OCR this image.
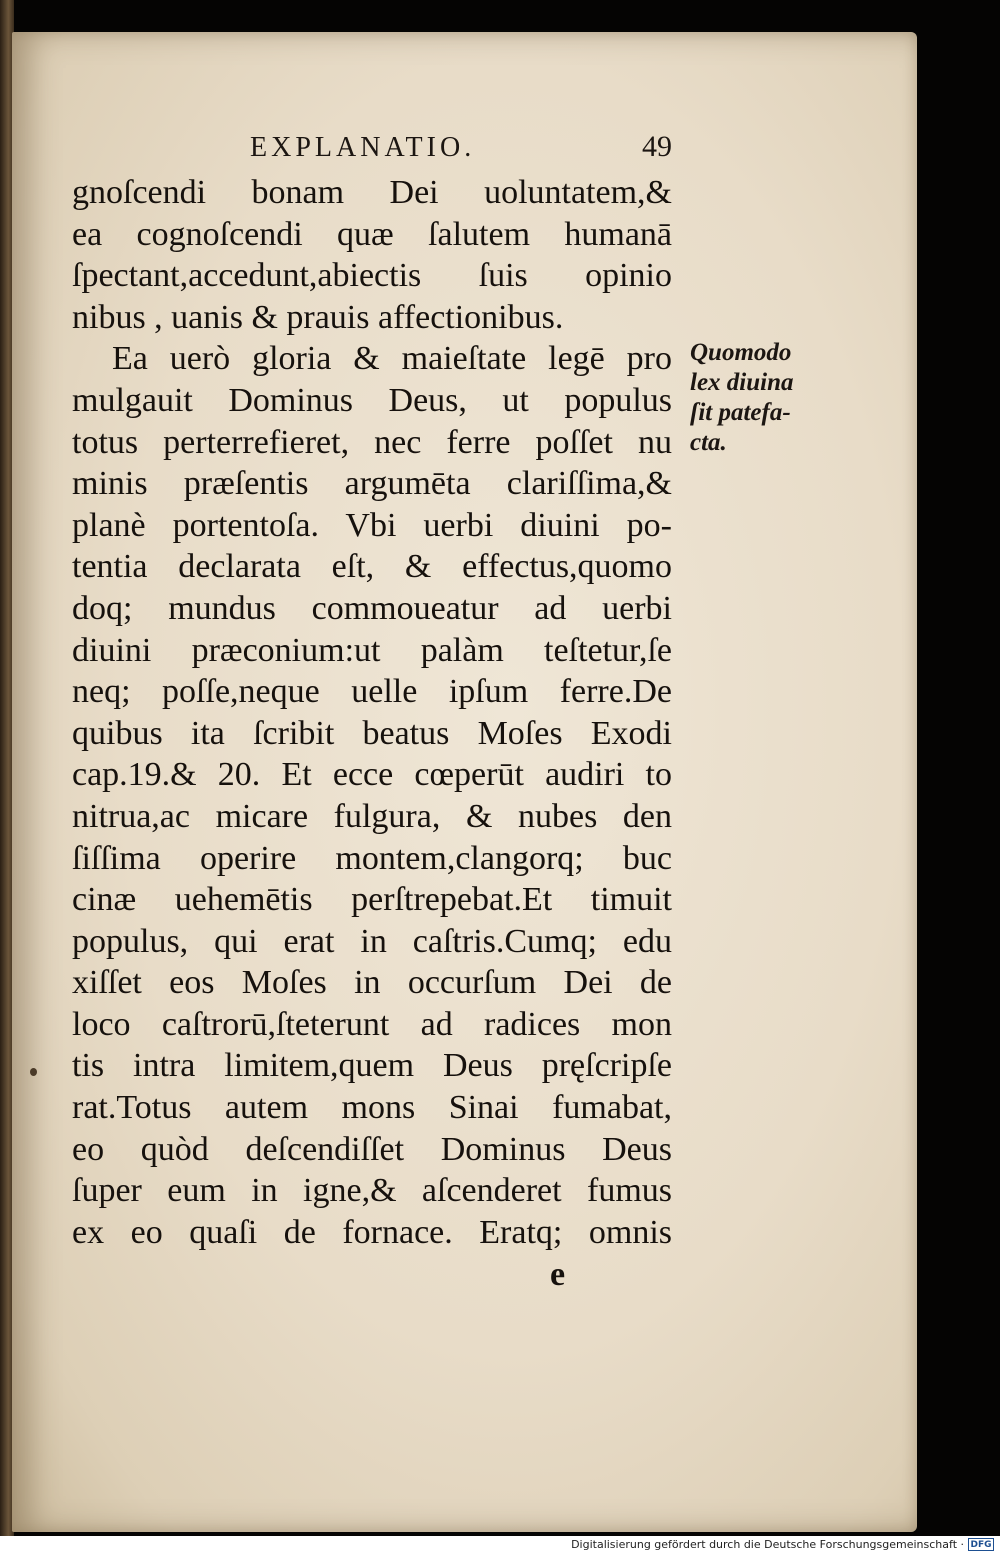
EXPLANATIO.	49
gnoſcendi bonam Dei uoluntatem,&
ea cognoſcendi quæ ſalutem humanā
ſpectant,accedunt,abiectis ſuis opinio
nibus , uanis & prauis affectionibus.
Ea uerò gloria & maieſtate legē pro
mulgauit Dominus Deus, ut populus
totus perterrefieret, nec ferre poſſet nu
minis præſentis argumēta clariſſima,&
planè portentoſa. Vbi uerbi diuini po-
tentia declarata eſt, & effectus,quomo
doq; mundus commoueatur ad uerbi
diuini præconium:ut palàm teſtetur,ſe
neq; poſſe,neque uelle ipſum ferre.De
quibus ita ſcribit beatus Moſes Exodi
cap.19.& 20. Et ecce cœperūt audiri to
nitrua,ac micare fulgura, & nubes den
ſiſſima operire montem,clangorq; buc
cinæ uehemētis perſtrepebat.Et timuit
populus, qui erat in caſtris.Cumq; edu
xiſſet eos Moſes in occurſum Dei de
loco caſtrorū,ſteterunt ad radices mon
tis intra limitem,quem Deus pręſcripſe
rat.Totus autem mons Sinai fumabat,
eo quòd deſcendiſſet Dominus Deus
ſuper eum in igne,& aſcenderet fumus
ex eo quaſi de fornace. Eratq; omnis
Quomodo
lex diuina
ſit patefa-
cta.
e
Digitalisierung gefördert durch die Deutsche Forschungsgemeinschaft · DFG
